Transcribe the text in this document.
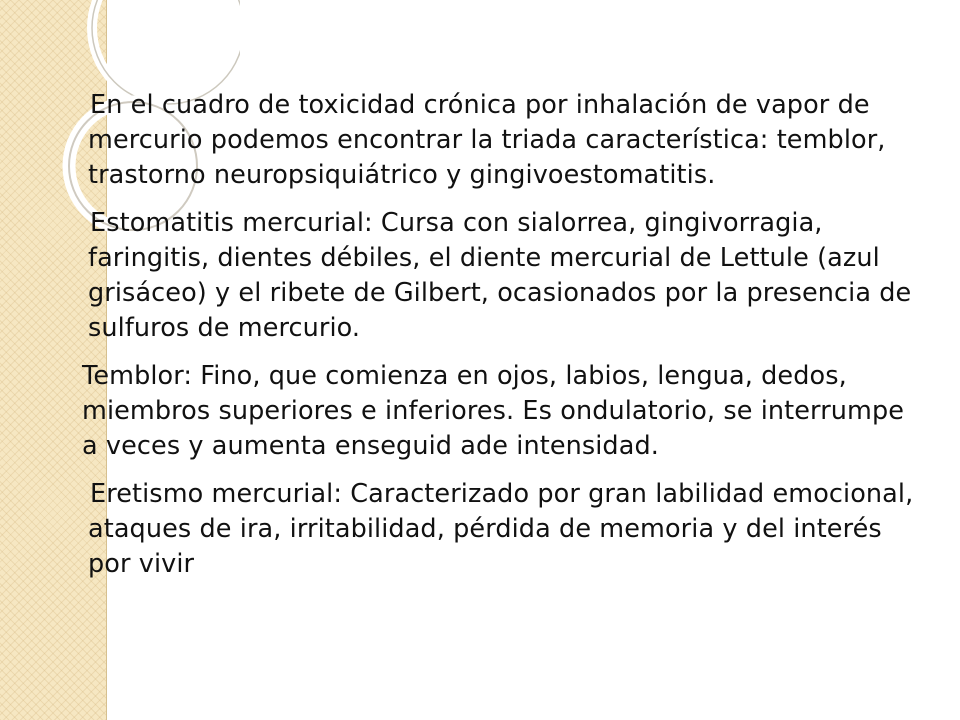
En el cuadro de toxicidad crónica por inhalación de vapor de mercurio podemos encontrar la triada característica: temblor, trastorno neuropsiquiátrico y gingivoestomatitis.

Estomatitis mercurial: Cursa con sialorrea, gingivorragia, faringitis, dientes débiles, el diente mercurial de Lettule (azul grisáceo) y el ribete de Gilbert, ocasionados por la presencia de sulfuros de mercurio.

Temblor: Fino, que comienza en ojos, labios, lengua, dedos, miembros superiores e inferiores. Es ondulatorio, se interrumpe a veces y aumenta enseguid ade intensidad.

Eretismo mercurial: Caracterizado por gran labilidad emocional, ataques de ira, irritabilidad, pérdida de memoria y del interés por vivir
